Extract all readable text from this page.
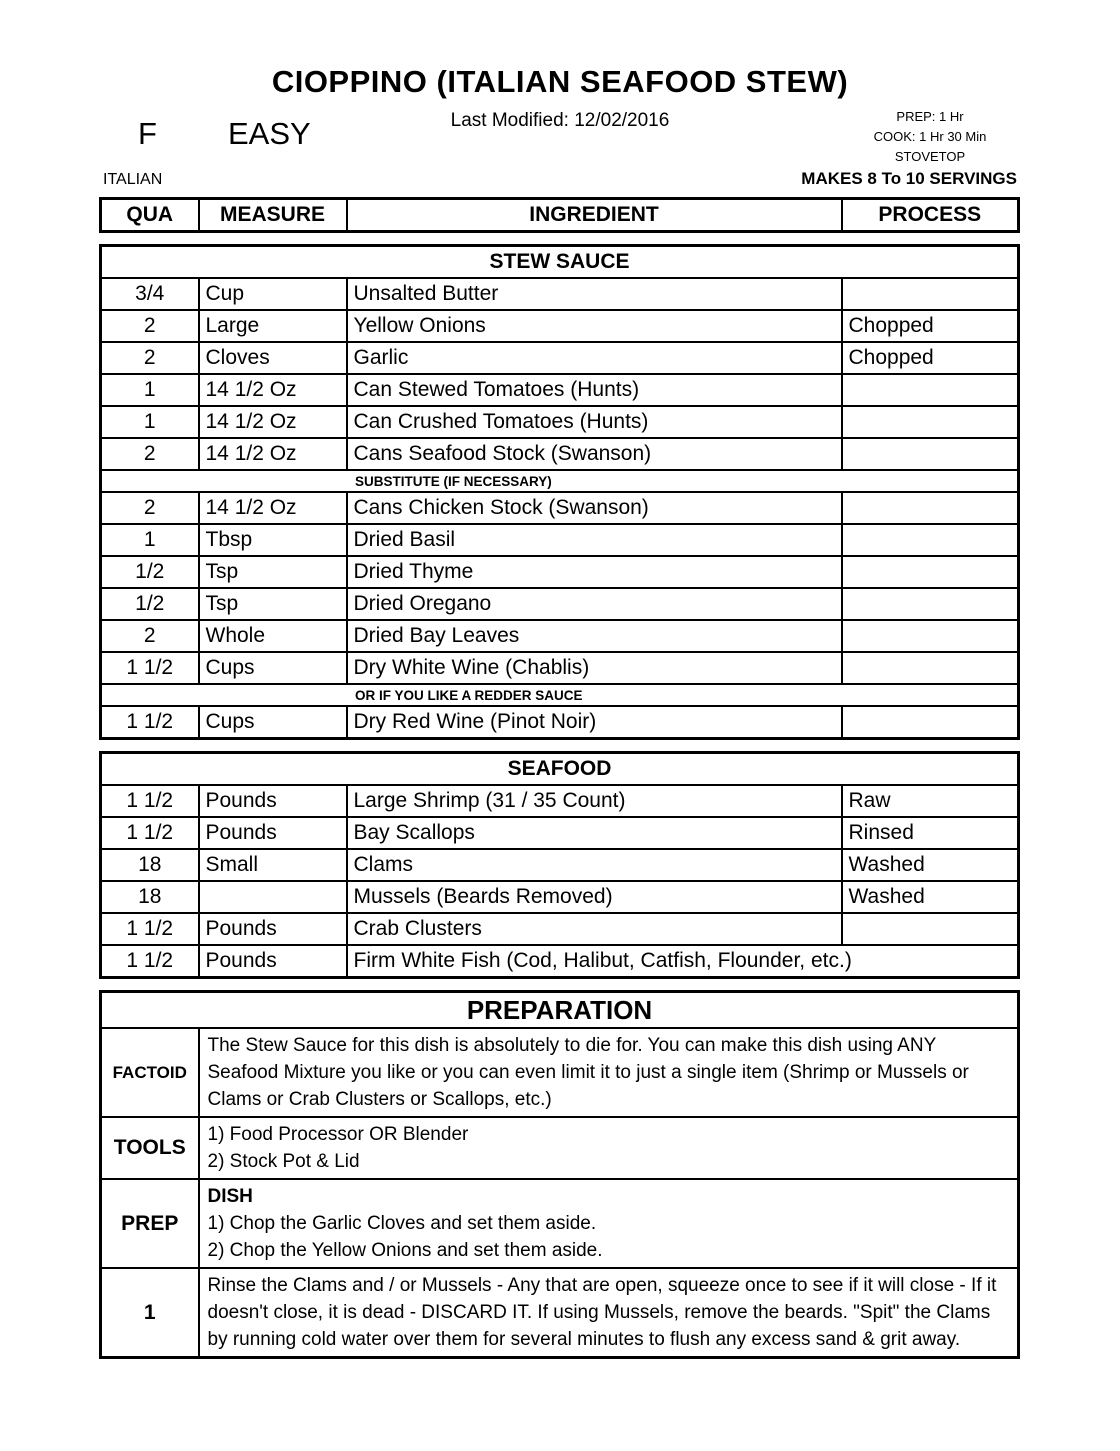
CIOPPINO (ITALIAN SEAFOOD STEW)
Last Modified: 12/02/2016
F EASY	PREP: 1 Hr
COOK: 1 Hr 30 Min
STOVETOP
ITALIAN	MAKES 8 To 10 SERVINGS
QUA	MEASURE	INGREDIENT	PROCESS
STEW SAUCE			
3/4	Cup	Unsalted Butter	
2	Large	Yellow Onions	Chopped
2	Cloves	Garlic	Chopped
1	14 1/2 Oz	Can Stewed Tomatoes (Hunts)	
1	14 1/2 Oz	Can Crushed Tomatoes (Hunts)	
2	14 1/2 Oz	Cans Seafood Stock (Swanson)	
SUBSTITUTE (IF NECESSARY)			
2	14 1/2 Oz	Cans Chicken Stock (Swanson)	
1	Tbsp	Dried Basil	
1/2	Tsp	Dried Thyme	
1/2	Tsp	Dried Oregano	
2	Whole	Dried Bay Leaves	
1 1/2	Cups	Dry White Wine (Chablis)	
OR IF YOU LIKE A REDDER SAUCE			
1 1/2	Cups	Dry Red Wine (Pinot Noir)	
SEAFOOD			
1 1/2	Pounds	Large Shrimp (31 / 35 Count)	Raw
1 1/2	Pounds	Bay Scallops	Rinsed
18	Small	Clams	Washed
18		Mussels (Beards Removed)	Washed
1 1/2	Pounds	Crab Clusters	
1 1/2	Pounds	Firm White Fish (Cod, Halibut, Catfish, Flounder, etc.)	
PREPARATION	
FACTOID	The Stew Sauce for this dish is absolutely to die for. You can make this dish using ANY Seafood Mixture you like or you can even limit it to just a single item (Shrimp or Mussels or Clams or Crab Clusters or Scallops, etc.)

TOOLS	1) Food Processor OR Blender
2) Stock Pot & Lid

PREP	DISH
1) Chop the Garlic Cloves and set them aside.
2) Chop the Yellow Onions and set them aside.

1	Rinse the Clams and / or Mussels - Any that are open, squeeze once to see if it will close - If it doesn't close, it is dead - DISCARD IT. If using Mussels, remove the beards. "Spit" the Clams by running cold water over them for several minutes to flush any excess sand & grit away.
